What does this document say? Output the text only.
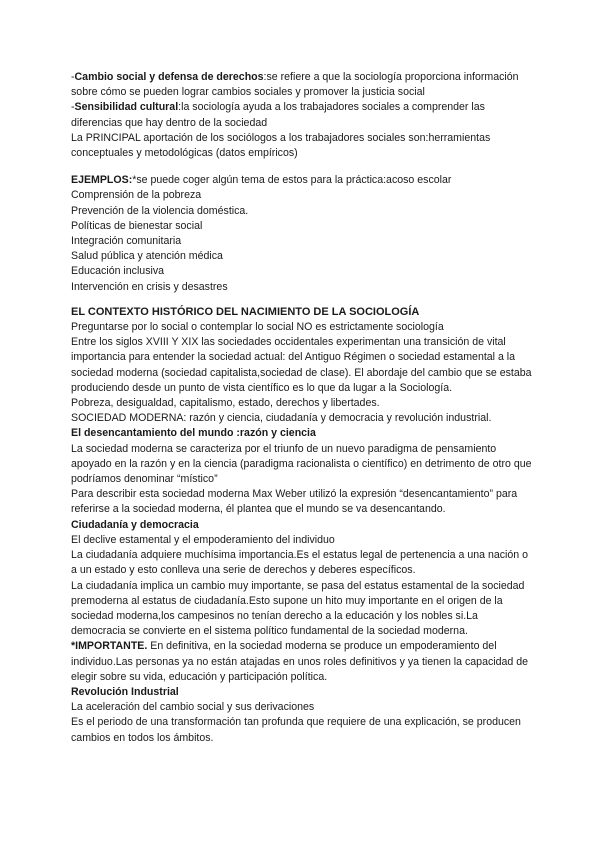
-Cambio social y defensa de derechos:se refiere a que la sociología proporciona información sobre cómo se pueden lograr cambios sociales y promover la justicia social

-Sensibilidad cultural:la sociología ayuda a los trabajadores sociales a comprender las diferencias que hay dentro de la sociedad

La PRINCIPAL aportación de los sociólogos a los trabajadores sociales son:herramientas conceptuales y metodológicas (datos empíricos)

EJEMPLOS:*se puede coger algún tema de estos para la práctica:acoso escolar

Comprensión de la pobreza

Prevención de la violencia doméstica.

Políticas de bienestar social

Integración comunitaria

Salud pública y atención médica

Educación inclusiva

Intervención en crisis y desastres

EL CONTEXTO HISTÓRICO DEL NACIMIENTO DE LA SOCIOLOGÍA

Preguntarse por lo social o contemplar lo social NO es estrictamente sociología

Entre los siglos XVIII Y XIX las sociedades occidentales experimentan una transición de vital importancia para entender la sociedad actual: del Antiguo Régimen o sociedad estamental a la sociedad moderna (sociedad capitalista,sociedad de clase). El abordaje del cambio que se estaba produciendo desde un punto de vista científico es lo que da lugar a la Sociología.

Pobreza, desigualdad, capitalismo, estado, derechos y libertades.

SOCIEDAD MODERNA: razón y ciencia, ciudadanía y democracia y revolución industrial.

El desencantamiento del mundo :razón y ciencia

La sociedad moderna se caracteriza por el triunfo de un nuevo paradigma de pensamiento apoyado en la razón y en la ciencia (paradigma racionalista o científico) en detrimento de otro que podríamos denominar “místico”

Para describir esta sociedad moderna Max Weber utilizó la expresión “desencantamiento” para referirse a la sociedad moderna, él plantea que el mundo se va desencantando.

Ciudadanía y democracia

El declive estamental y el empoderamiento del individuo

La ciudadanía adquiere muchísima importancia.Es el estatus legal de pertenencia a una nación o a un estado y esto conlleva una serie de derechos y deberes específicos.

La ciudadanía implica un cambio muy importante, se pasa del estatus estamental de la sociedad premoderna al estatus de ciudadanía.Esto supone un hito muy importante en el origen de la sociedad moderna,los campesinos no tenían derecho a la educación y los nobles si.La democracia se convierte en el sistema político fundamental de la sociedad moderna.

*IMPORTANTE. En definitiva, en la sociedad moderna se produce un empoderamiento del individuo.Las personas ya no están atajadas en unos roles definitivos y ya tienen la capacidad de elegir sobre su vida, educación y participación política.

Revolución Industrial

La aceleración del cambio social y sus derivaciones

Es el periodo de una transformación tan profunda que requiere de una explicación, se producen cambios en todos los ámbitos.
